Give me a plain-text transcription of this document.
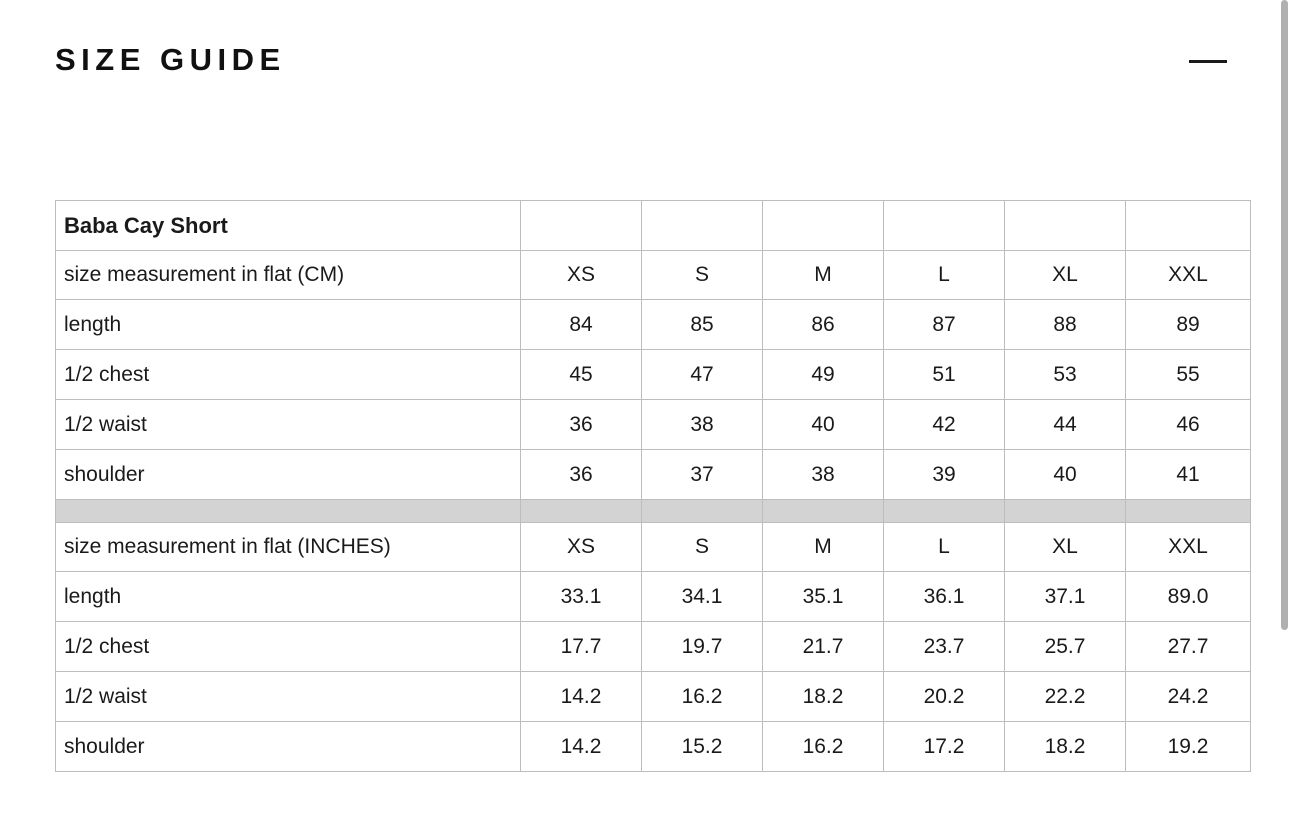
SIZE GUIDE
Baba Cay Short						
size measurement in flat (CM)	XS	S	M	L	XL	XXL
length	84	85	86	87	88	89
1/2 chest	45	47	49	51	53	55
1/2 waist	36	38	40	42	44	46
shoulder	36	37	38	39	40	41

size measurement in flat (INCHES)	XS	S	M	L	XL	XXL
length	33.1	34.1	35.1	36.1	37.1	89.0
1/2 chest	17.7	19.7	21.7	23.7	25.7	27.7
1/2 waist	14.2	16.2	18.2	20.2	22.2	24.2
shoulder	14.2	15.2	16.2	17.2	18.2	19.2
